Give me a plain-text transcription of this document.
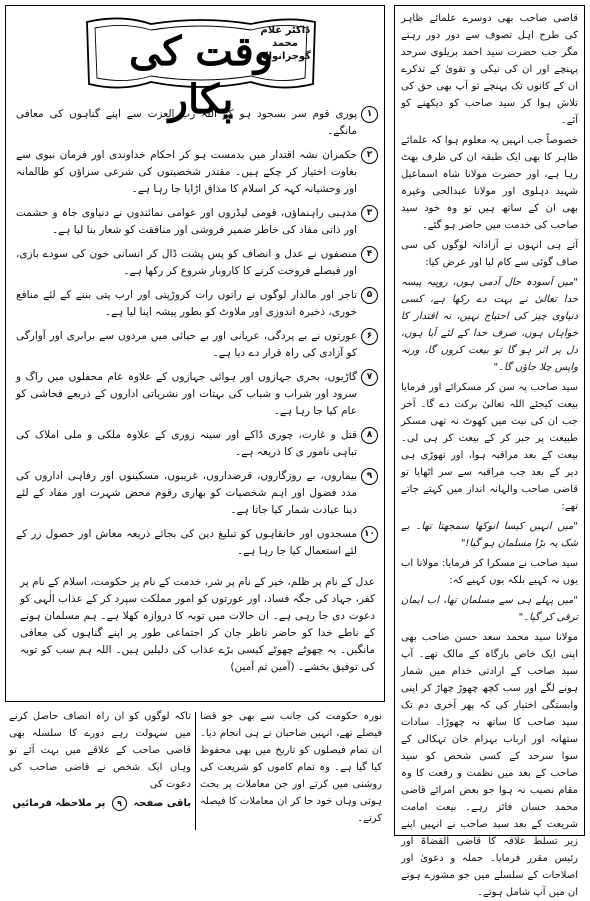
وقت کی پکار
ڈاکٹر غلام محمد
گوجرانوالہ
۱
پوری قوم سر بسجود ہو کر اللہ رب العزت سے اپنے گناہوں کی معافی مانگے۔
۲
حکمران نشہ اقتدار میں بدمست ہو کر احکام خداوندی اور فرمان نبوی سے بغاوت اختیار کر چکے ہیں۔ مقتدر شخصیتوں کی شرعی سزاؤں کو ظالمانہ اور وحشیانہ کہہ کر اسلام کا مذاق اڑایا جا رہا ہے۔
۳
مذہبی راہنماؤں، قومی لیڈروں اور عوامی نمائندوں نے دنیاوی جاہ و حشمت اور ذاتی مفاد کی خاطر ضمیر فروشی اور منافقت کو شعار بنا لیا ہے۔
۴
منصفوں نے عدل و انصاف کو پس پشت ڈال کر انسانی خون کی سودے بازی، اور فیصلے فروخت کرنے کا کاروبار شروع کر رکھا ہے۔
۵
تاجر اور مالدار لوگوں نے راتوں رات کروڑپتی اور ارب پتی بننے کے لئے منافع خوری، ذخیرہ اندوزی اور ملاوٹ کو بطور پیشہ اپنا لیا ہے۔
۶
عورتوں نے بے پردگی، عریانی اور بے حیائی میں مردوں سے برابری اور آوارگی کو آزادی کی راہ قرار دے دیا ہے۔
۷
گاڑیوں، بحری جہازوں اور ہوائی جہازوں کے علاوہ عام محفلوں میں راگ و سرود اور شراب و شباب کی بہتات اور نشریاتی اداروں کے ذریعے فحاشی کو عام کیا جا رہا ہے۔
۸
قتل و غارت، چوری ڈاکے اور سینہ زوری کے علاوہ ملکی و ملی املاک کی تباہی نامور ی کا ذریعہ ہے۔
۹
بیماروں، بے روزگاروں، قرضداروں، غریبوں، مسکینوں اور رفاہی اداروں کی مدد فضول اور اہم شخصیات کو بھاری رقوم محض شہرت اور مفاد کے لئے دینا عبادت شمار کیا جاتا ہے۔
۱۰
مسجدوں اور خانقاہوں کو تبلیغ دین کی بجائے ذریعہ معاش اور حصول زر کے لئے استعمال کیا جا رہا ہے۔
عدل کے نام پر ظلم، خیر کے نام پر شر، خدمت کے نام پر حکومت، اسلام کے نام پر کفر، جہاد کی جگہ فساد، اور عورتوں کو امور مملکت سپرد کر کے عذاب الٰہی کو دعوت دی جا رہی ہے۔ ان حالات میں توبہ کا دروازہ کھلا ہے۔ ہم مسلمان ہونے کے ناطے خدا کو حاضر ناظر جان کر اجتماعی طور پر اپنے گناہوں کی معافی مانگیں۔ یہ چھوٹے چھوٹے کیسی بڑے عذاب کی دلیلیں ہیں۔ اللہ ہم سب کو توبہ کی توفیق بخشے۔ (آمین ثم آمین)

قاضی صاحب بھی دوسرے علمائے ظاہر کی طرح اہل تصوف سے دور دور رہتے مگر جب حضرت سید احمد بریلوی سرحد پہنچے اور ان کی نیکی و تقویٰ کے تذکرے ان کے کانوں تک پہنچے تو آپ بھی حق کی تلاش ہوا کر سید صاحب کو دیکھنے کو آئے۔

خصوصاً جب انہیں یہ معلوم ہوا کہ علمائے ظاہر کا بھی ایک طبقہ ان کی طرف بھٹ رہا ہے، اور حضرت مولانا شاہ اسماعیل شہید دہلوی اور مولانا عبدالحی وغیرہ بھی ان کے ساتھ ہیں تو وہ خود سید صاحب کی خدمت میں حاضر ہو گئے۔

آتے ہی انہوں نے آزادانہ لوگوں کی سی صاف گوئی سے کام لیا اور عرض کیا:

"میں آسودہ حال آدمی ہوں، روپیہ پیسہ خدا تعالیٰ نے بہت دے رکھا ہے، کسی دنیاوی چیز کی احتیاج نہیں، نہ اقتدار کا خواہاں ہوں، صرف خدا کے لئے آیا ہوں، دل پر اثر ہو گا تو بیعت کروں گا، ورنہ واپس چلا جاؤں گا۔"

سید صاحب پہ سن کر مسکرائے اور فرمایا بیعت کیجئے اللہ تعالیٰ برکت دے گا۔ آخر جب ان کی نیت میں کھوٹ نہ تھی مسکر طبیعت پر جبر کر کے بیعت کر ہی لی۔ بیعت کے بعد مراقبہ ہوا، اور تھوڑی ہی دیر کے بعد جب مراقبہ سے سر اٹھایا تو قاضی صاحب والہانہ انداز میں کہتے جاتے تھے:

"میں انہیں کیسا انوکھا سمجھتا تھا۔ بے شک یہ بڑا مسلمان ہو گیا!"

سید صاحب نے مسکرا کر فرمایا: مولانا اب یوں نہ کہیے بلکہ یوں کہیے کہ:

"میں پہلے ہی سے مسلمان تھا، اب ایمان ترقی کر گیا۔"

مولانا سید محمد سعد حسن صاحب بھی اپنی ایک خاص بارگاہ کے مالک تھے۔ آپ سید صاحب کے ارادتی خدام میں شمار ہونے لگے اور سب کچھ چھوڑ چھاڑ کر اپنی وابستگی اختیار کی کہ پھر آخری دم تک سید صاحب کا ساتھ نہ چھوڑا۔ سادات ستھانہ اور ارباب بہرام خان تہکالی کے سوا سرحد کے کسی شخص کو سید صاحب کے بعد میں نظمت و رفعت کا وہ مقام نصیب نہ ہوا جو بعض امرائے قاضی محمد حسان فائز رہے۔ بیعت امامت شریعت کے بعد سید صاحب نے انہیں اپنے زیر تسلط علاقہ کا قاضی القضاۃ اور رئیس مقرر فرمایا۔ جملہ و دعویٰ اور اصلاحات کے سلسلے میں جو مشورے ہوتے ان میں آپ شامل ہوتے۔

نورہ حکومت کی جانب سے بھی جو قضا فیصلے تھے، انہیں صاحبان نے ہی انجام دیا۔ ان تمام فیصلوں کو تاریخ میں بھی محفوظ کیا گیا ہے۔ وہ تمام کاموں کو شریعت کی روشنی میں کرتے اور جن معاملات پر بحث ہوتی وہاں خود جا کر ان معاملات کا فیصلہ کرتے۔
تاکہ لوگوں کو ان راہ انصاف حاصل کرنے میں سہولت رہے دورے کا سلسلہ بھی قاضی صاحب کے علاقے میں بہت آئے تو وہاں ایک شخص نے قاضی صاحب کی دعوت کی
باقی صفحہ ۹ پر ملاحظہ فرمائیں
